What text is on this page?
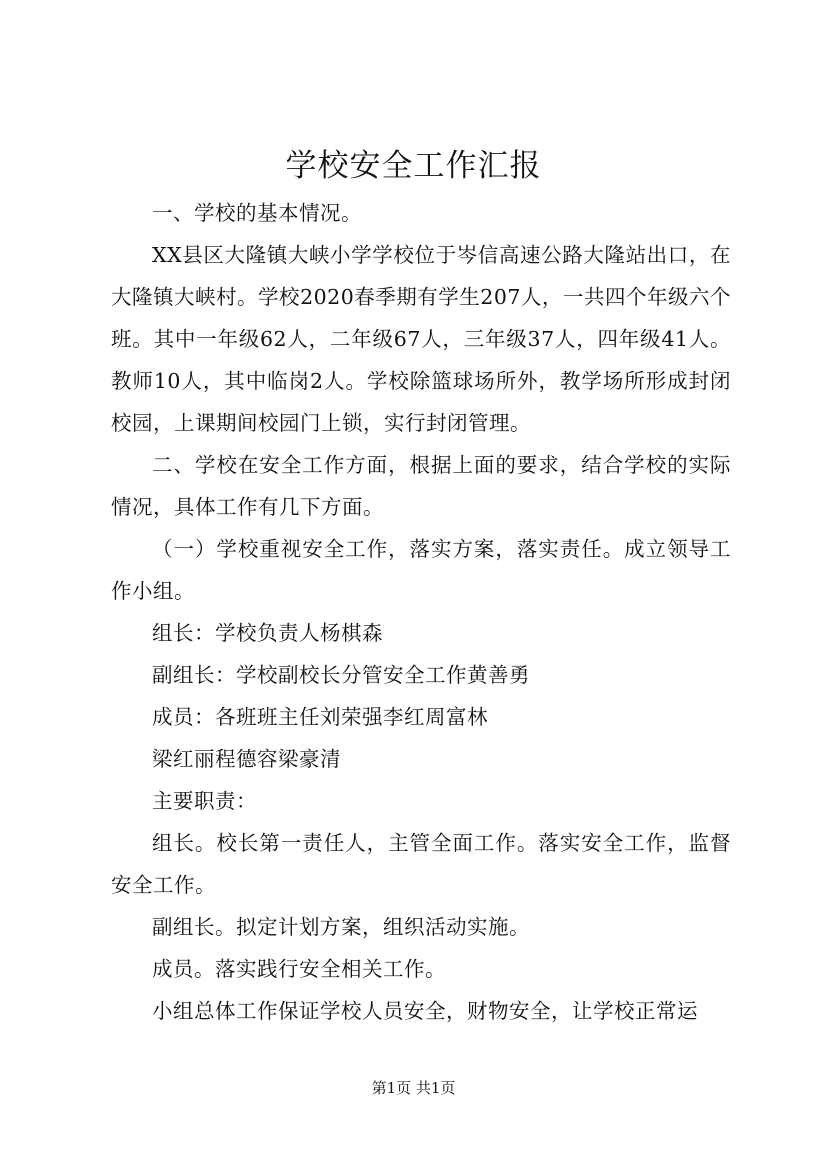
学校安全工作汇报

一、学校的基本情况。

XX县区大隆镇大峡小学学校位于岑信高速公路大隆站出口，在大隆镇大峡村。学校2020春季期有学生207人，一共四个年级六个班。其中一年级62人，二年级67人，三年级37人，四年级41人。教师10人，其中临岗2人。学校除篮球场所外，教学场所形成封闭校园，上课期间校园门上锁，实行封闭管理。

二、学校在安全工作方面，根据上面的要求，结合学校的实际情况，具体工作有几下方面。

（一）学校重视安全工作，落实方案，落实责任。成立领导工作小组。

组长：学校负责人杨棋森

副组长：学校副校长分管安全工作黄善勇

成员：各班班主任刘荣强李红周富林

梁红丽程德容梁豪清

主要职责：

组长。校长第一责任人，主管全面工作。落实安全工作，监督安全工作。

副组长。拟定计划方案，组织活动实施。

成员。落实践行安全相关工作。

小组总体工作保证学校人员安全，财物安全，让学校正常运

第1页 共1页
